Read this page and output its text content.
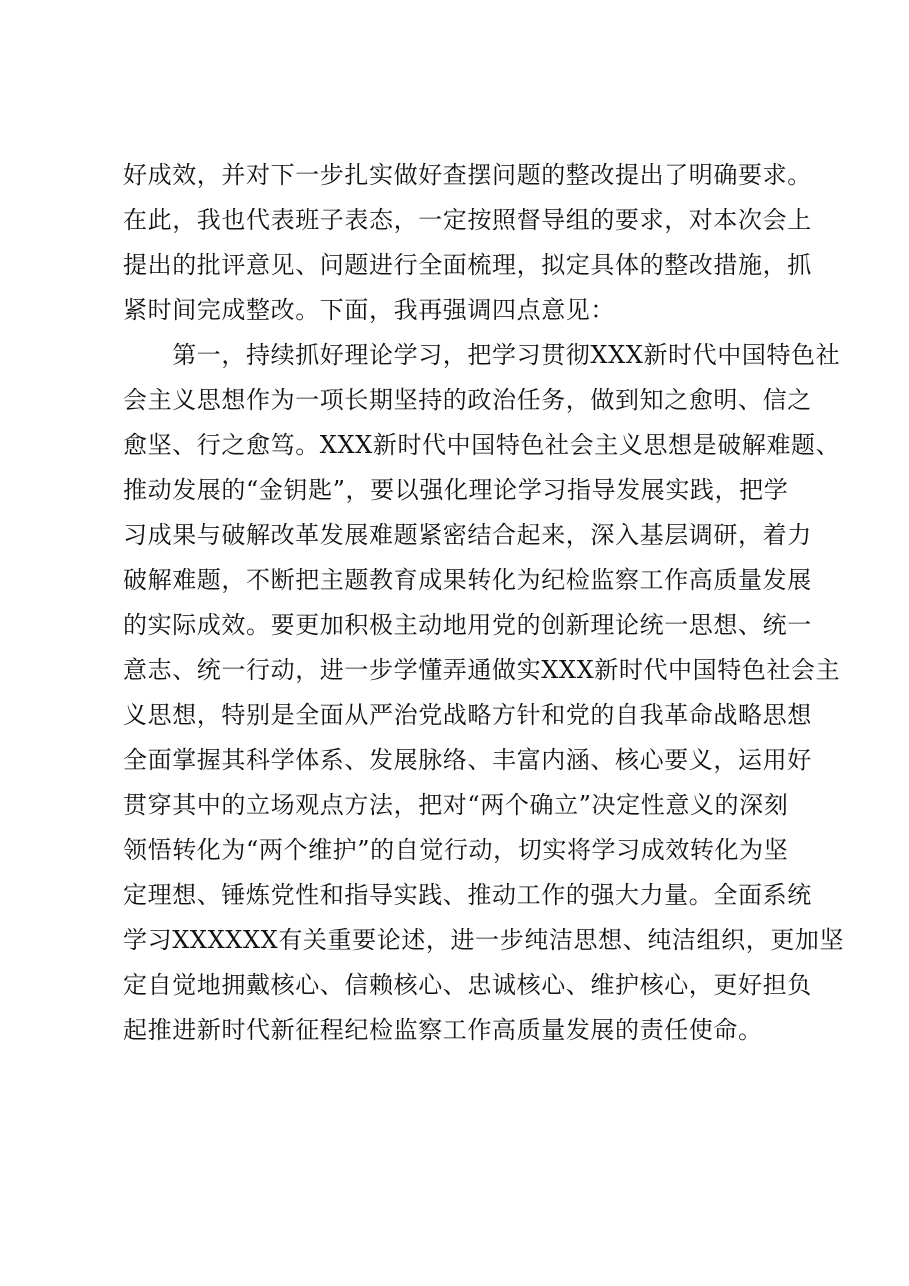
好成效，并对下一步扎实做好查摆问题的整改提出了明确要求。
在此，我也代表班子表态，一定按照督导组的要求，对本次会上
提出的批评意见、问题进行全面梳理，拟定具体的整改措施，抓
紧时间完成整改。下面，我再强调四点意见：
　　第一，持续抓好理论学习，把学习贯彻XXX新时代中国特色社
会主义思想作为一项长期坚持的政治任务，做到知之愈明、信之
愈坚、行之愈笃。XXX新时代中国特色社会主义思想是破解难题、
推动发展的“金钥匙”，要以强化理论学习指导发展实践，把学
习成果与破解改革发展难题紧密结合起来，深入基层调研，着力
破解难题，不断把主题教育成果转化为纪检监察工作高质量发展
的实际成效。要更加积极主动地用党的创新理论统一思想、统一
意志、统一行动，进一步学懂弄通做实XXX新时代中国特色社会主
义思想，特别是全面从严治党战略方针和党的自我革命战略思想
全面掌握其科学体系、发展脉络、丰富内涵、核心要义，运用好
贯穿其中的立场观点方法，把对“两个确立”决定性意义的深刻
领悟转化为“两个维护”的自觉行动，切实将学习成效转化为坚
定理想、锤炼党性和指导实践、推动工作的强大力量。全面系统
学习XXXXXX有关重要论述，进一步纯洁思想、纯洁组织，更加坚
定自觉地拥戴核心、信赖核心、忠诚核心、维护核心，更好担负
起推进新时代新征程纪检监察工作高质量发展的责任使命。
